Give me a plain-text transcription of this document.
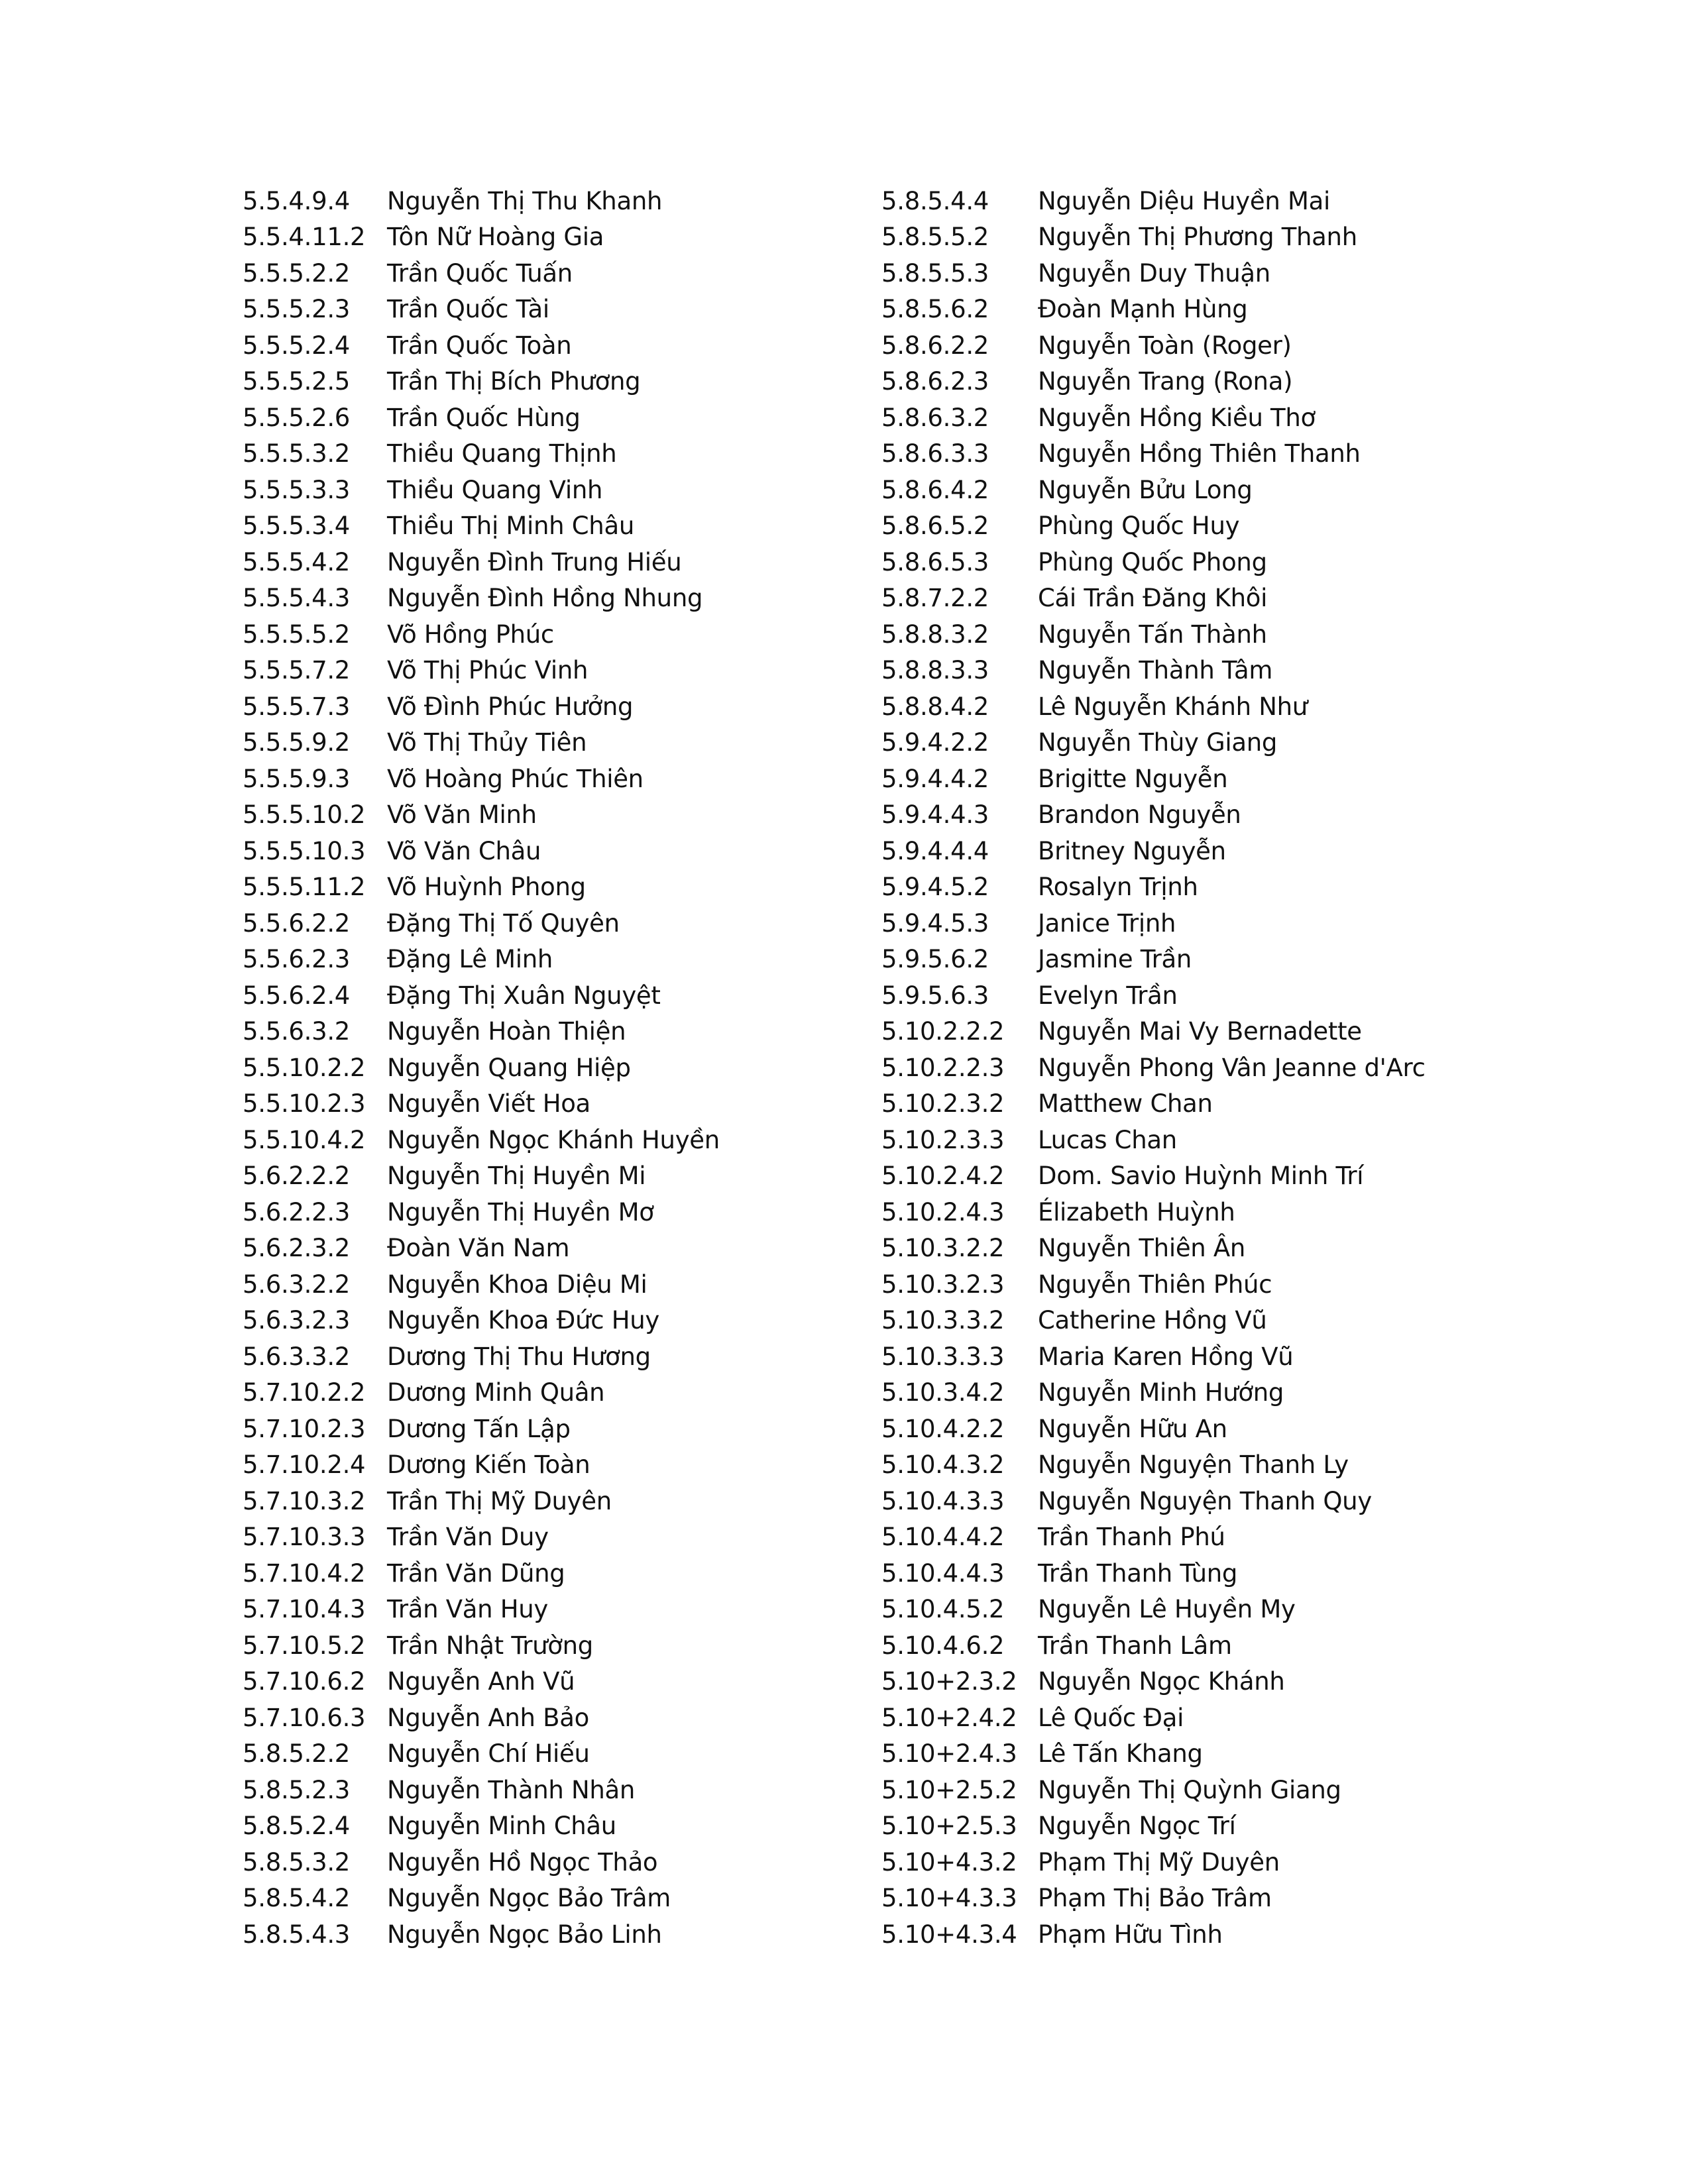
5.5.4.9.4	Nguyễn Thị Thu Khanh
5.5.4.11.2 Tôn Nữ Hoàng Gia
5.5.5.2.2	Trần Quốc Tuấn
5.5.5.2.3	Trần Quốc Tài
5.5.5.2.4	Trần Quốc Toàn
5.5.5.2.5	Trần Thị Bích Phương
5.5.5.2.6	Trần Quốc Hùng
5.5.5.3.2	Thiều Quang Thịnh
5.5.5.3.3	Thiều Quang Vinh
5.5.5.3.4	Thiều Thị Minh Châu
5.5.5.4.2	Nguyễn Đình Trung Hiếu
5.5.5.4.3	Nguyễn Đình Hồng Nhung
5.5.5.5.2	Võ Hồng Phúc
5.5.5.7.2	Võ Thị Phúc Vinh
5.5.5.7.3	Võ Đình Phúc Hưởng
5.5.5.9.2	Võ Thị Thủy Tiên
5.5.5.9.3	Võ Hoàng Phúc Thiên
5.5.5.10.2 Võ Văn Minh
5.5.5.10.3 Võ Văn Châu
5.5.5.11.2 Võ Huỳnh Phong
5.5.6.2.2	Đặng Thị Tố Quyên
5.5.6.2.3	Đặng Lê Minh
5.5.6.2.4	Đặng Thị Xuân Nguyệt
5.5.6.3.2	Nguyễn Hoàn Thiện
5.5.10.2.2 Nguyễn Quang Hiệp
5.5.10.2.3 Nguyễn Viết Hoa
5.5.10.4.2 Nguyễn Ngọc Khánh Huyền
5.6.2.2.2	Nguyễn Thị Huyền Mi
5.6.2.2.3	Nguyễn Thị Huyền Mơ
5.6.2.3.2	Đoàn Văn Nam
5.6.3.2.2	Nguyễn Khoa Diệu Mi
5.6.3.2.3	Nguyễn Khoa Đức Huy
5.6.3.3.2	Dương Thị Thu Hương
5.7.10.2.2 Dương Minh Quân
5.7.10.2.3 Dương Tấn Lập
5.7.10.2.4 Dương Kiến Toàn
5.7.10.3.2 Trần Thị Mỹ Duyên
5.7.10.3.3 Trần Văn Duy
5.7.10.4.2 Trần Văn Dũng
5.7.10.4.3 Trần Văn Huy
5.7.10.5.2 Trần Nhật Trường
5.7.10.6.2 Nguyễn Anh Vũ
5.7.10.6.3 Nguyễn Anh Bảo
5.8.5.2.2	Nguyễn Chí Hiếu
5.8.5.2.3	Nguyễn Thành Nhân
5.8.5.2.4	Nguyễn Minh Châu
5.8.5.3.2	Nguyễn Hồ Ngọc Thảo
5.8.5.4.2	Nguyễn Ngọc Bảo Trâm
5.8.5.4.3	Nguyễn Ngọc Bảo Linh
5.8.5.4.4	Nguyễn Diệu Huyền Mai
5.8.5.5.2	Nguyễn Thị Phương Thanh
5.8.5.5.3	Nguyễn Duy Thuận
5.8.5.6.2	Đoàn Mạnh Hùng
5.8.6.2.2	Nguyễn Toàn (Roger)
5.8.6.2.3	Nguyễn Trang (Rona)
5.8.6.3.2	Nguyễn Hồng Kiều Thơ
5.8.6.3.3	Nguyễn Hồng Thiên Thanh
5.8.6.4.2	Nguyễn Bửu Long
5.8.6.5.2	Phùng Quốc Huy
5.8.6.5.3	Phùng Quốc Phong
5.8.7.2.2	Cái Trần Đăng Khôi
5.8.8.3.2	Nguyễn Tấn Thành
5.8.8.3.3	Nguyễn Thành Tâm
5.8.8.4.2	Lê Nguyễn Khánh Như
5.9.4.2.2	Nguyễn Thùy Giang
5.9.4.4.2	Brigitte Nguyễn
5.9.4.4.3	Brandon Nguyễn
5.9.4.4.4	Britney Nguyễn
5.9.4.5.2	Rosalyn Trịnh
5.9.4.5.3	Janice Trịnh
5.9.5.6.2	Jasmine Trần
5.9.5.6.3	Evelyn Trần
5.10.2.2.2	Nguyễn Mai Vy Bernadette
5.10.2.2.3	Nguyễn Phong Vân Jeanne d'Arc
5.10.2.3.2	Matthew Chan
5.10.2.3.3	Lucas Chan
5.10.2.4.2	Dom. Savio Huỳnh Minh Trí
5.10.2.4.3	Élizabeth Huỳnh
5.10.3.2.2	Nguyễn Thiên Ân
5.10.3.2.3	Nguyễn Thiên Phúc
5.10.3.3.2	Catherine Hồng Vũ
5.10.3.3.3	Maria Karen Hồng Vũ
5.10.3.4.2	Nguyễn Minh Hướng
5.10.4.2.2	Nguyễn Hữu An
5.10.4.3.2	Nguyễn Nguyện Thanh Ly
5.10.4.3.3	Nguyễn Nguyện Thanh Quy
5.10.4.4.2	Trần Thanh Phú
5.10.4.4.3	Trần Thanh Tùng
5.10.4.5.2	Nguyễn Lê Huyền My
5.10.4.6.2	Trần Thanh Lâm
5.10+2.3.2 Nguyễn Ngọc Khánh
5.10+2.4.2 Lê Quốc Đại
5.10+2.4.3 Lê Tấn Khang
5.10+2.5.2 Nguyễn Thị Quỳnh Giang
5.10+2.5.3 Nguyễn Ngọc Trí
5.10+4.3.2 Phạm Thị Mỹ Duyên
5.10+4.3.3 Phạm Thị Bảo Trâm
5.10+4.3.4 Phạm Hữu Tình
